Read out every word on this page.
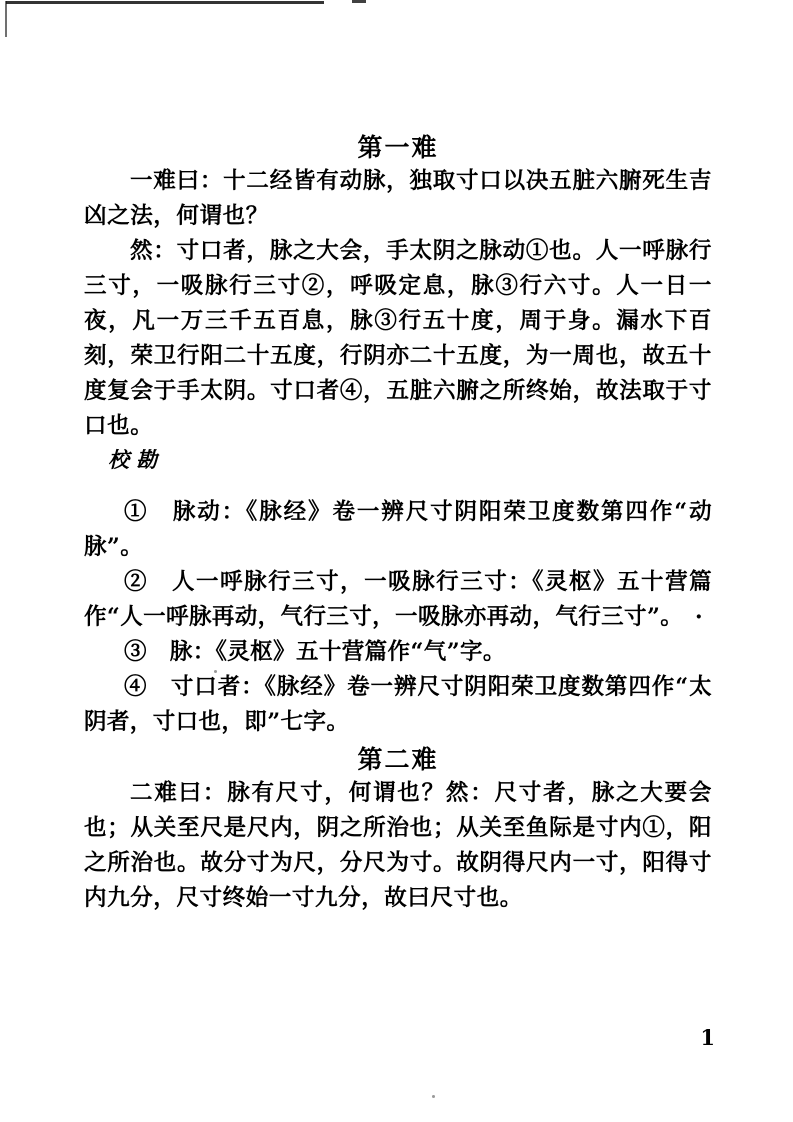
第一难

一难曰：十二经皆有动脉，独取寸口以决五脏六腑死生吉凶之法，何谓也？

然：寸口者，脉之大会，手太阴之脉动①也。人一呼脉行三寸，一吸脉行三寸②，呼吸定息，脉③行六寸。人一日一夜，凡一万三千五百息，脉③行五十度，周于身。漏水下百刻，荣卫行阳二十五度，行阴亦二十五度，为一周也，故五十度复会于手太阴。寸口者④，五脏六腑之所终始，故法取于寸口也。

校勘

①　脉动：《脉经》卷一辨尺寸阴阳荣卫度数第四作“动脉”。

②　人一呼脉行三寸，一吸脉行三寸：《灵枢》五十营篇作“人一呼脉再动，气行三寸，一吸脉亦再动，气行三寸”。　·

③　脉：《灵枢》五十营篇作“气”字。

④　寸口者：《脉经》卷一辨尺寸阴阳荣卫度数第四作“太阴者，寸口也，即”七字。

第二难

二难曰：脉有尺寸，何谓也？然：尺寸者，脉之大要会也；从关至尺是尺内，阴之所治也；从关至鱼际是寸内①，阳之所治也。故分寸为尺，分尺为寸。故阴得尺内一寸，阳得寸内九分，尺寸终始一寸九分，故曰尺寸也。

1
